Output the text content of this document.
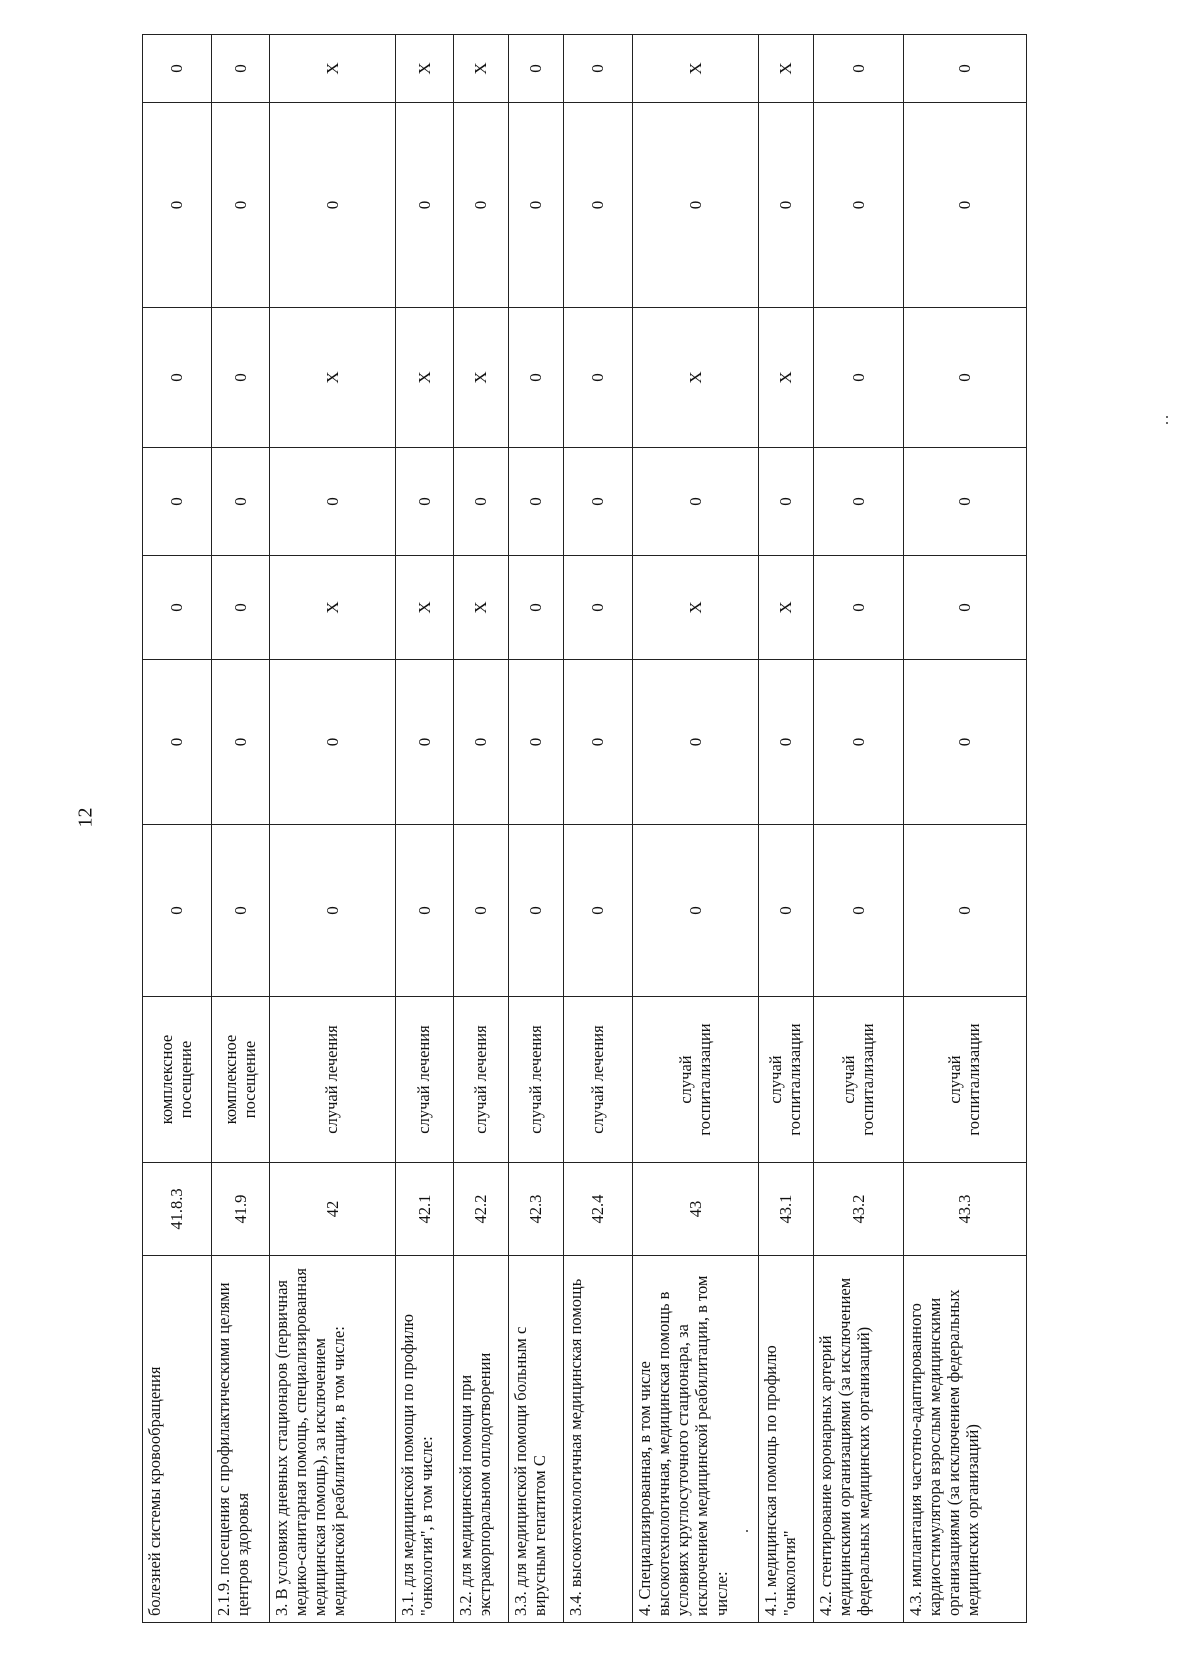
12
болезней системы кровообращения	41.8.3	комплексное посещение	0	0	0	0	0	0	0
2.1.9. посещения с профилактическими целями центров здоровья	41.9	комплексное посещение	0	0	0	0	0	0	0
3. В условиях дневных стационаров (первичная медико-санитарная помощь, специализированная медицинская помощь), за исключением медицинской реабилитации, в том числе:	42	случай лечения	0	0	X	0	X	0	X
3.1. для медицинской помощи по профилю "онкология", в том числе:	42.1	случай лечения	0	0	X	0	X	0	X
3.2. для медицинской помощи при экстракорпоральном оплодотворении	42.2	случай лечения	0	0	X	0	X	0	X
3.3. для медицинской помощи больным с вирусным гепатитом С	42.3	случай лечения	0	0	0	0	0	0	0
3.4. высокотехнологичная медицинская помощь	42.4	случай лечения	0	0	0	0	0	0	0
4. Специализированная, в том числе высокотехнологичная, медицинская помощь в условиях круглосуточного стационара, за исключением медицинской реабилитации, в том числе:	43	случай госпитализации	0	0	X	0	X	0	X
4.1. медицинская помощь по профилю "онкология"	43.1	случай госпитализации	0	0	X	0	X	0	X
4.2. стентирование коронарных артерий медицинскими организациями (за исключением федеральных медицинских организаций)	43.2	случай госпитализации	0	0	0	0	0	0	0
4.3. имплантация частотно-адаптированного кардиостимулятора взрослым медицинскими организациями (за исключением федеральных медицинских организаций)	43.3	случай госпитализации	0	0	0	0	0	0	0
